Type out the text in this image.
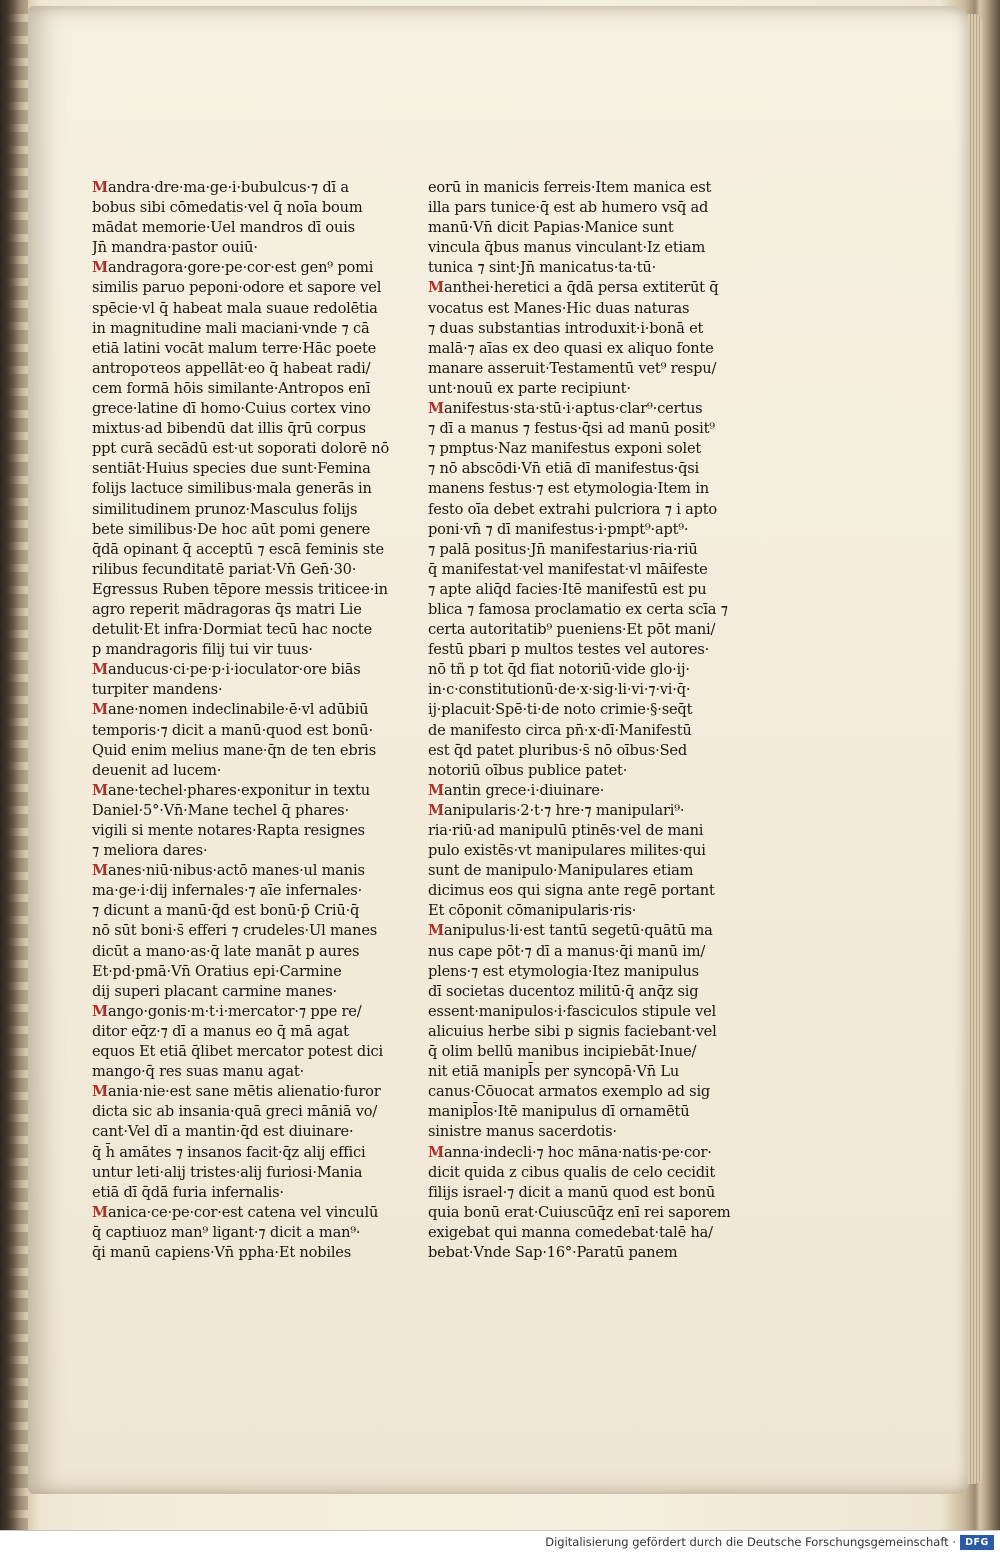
Mandra·dre·ma·ge·i·bubulcus·⁊ dī a
bobus sibi cōmedatis·vel q̄ noīa boum
mādat memorie·Uel mandros dī ouis
Jn̄ mandra·pastor ouiū·
Mandragora·gore·pe·cor·est gen⁹ pomi
similis paruo peponi·odore et sapore vel
spēcie·vl q̄ habeat mala suaue redolētia
in magnitudine mali maciani·vnde ⁊ cā
etiā latini vocāt malum terre·Hāc poete
antropoτeos appellāt·eo q̄ habeat radi/
cem formā hōis similante·Antropos enī
grece·latine dī homo·Cuius cortex vino
mixtus·ad bibendū dat illis q̄rū corpus
ppt curā secādū est·ut soporati dolorē nō
sentiāt·Huius species due sunt·Femina
folijs lactuce similibus·mala generās in
similitudinem prunoz·Masculus folijs
bete similibus·De hoc aūt pomi genere
q̄dā opinant q̄ acceptū ⁊ escā feminis ste
rilibus fecunditatē pariat·Vn̄ Gen̄·30·
Egressus Ruben tēpore messis triticee·in
agro reperit mādragoras q̄s matri Lie
detulit·Et infra·Dormiat tecū hac nocte
p mandragoris filij tui vir tuus·
Manducus·ci·pe·p·i·ioculator·ore biās
turpiter mandens·
Mane·nomen indeclinabile·ē·vl adūbiū
temporis·⁊ dicit a manū·quod est bonū·
Quid enim melius mane·q̄n de ten ebris
deuenit ad lucem·
Mane·techel·phares·exponitur in textu
Daniel·5°·Vn̄·Mane techel q̄ phares·
vigili si mente notares·Rapta resignes
⁊ meliora dares·
Manes·niū·nibus·actō manes·ul manis
ma·ge·i·dij infernales·⁊ aīe infernales·
⁊ dicunt a manū·q̄d est bonū·p̄ Criū·q̄
nō sūt boni·s̄ efferi ⁊ crudeles·Ul manes
dicūt a mano·as·q̄ late manāt p aures
Et·pd·pmā·Vn̄ Oratius epi·Carmine
dij superi placant carmine manes·
Mango·gonis·m·t·i·mercator·⁊ ppe re/
ditor eq̄z·⁊ dī a manus eo q̄ mā agat
equos Et etiā q̄libet mercator potest dici
mango·q̄ res suas manu agat·
Mania·nie·est sane mētis alienatio·furor
dicta sic ab insania·quā greci māniā vo/
cant·Vel dī a mantin·q̄d est diuinare·
q̄ h̄ amātes ⁊ insanos facit·q̄z alij effici
untur leti·alij tristes·alij furiosi·Mania
etiā dī q̄dā furia infernalis·
Manica·ce·pe·cor·est catena vel vinculū
q̄ captiuoz man⁹ ligant·⁊ dicit a man⁹·
q̄i manū capiens·Vn̄ ppha·Et nobiles
eorū in manicis ferreis·Item manica est
illa pars tunice·q̄ est ab humero vsq̄ ad
manū·Vn̄ dicit Papias·Manice sunt
vincula q̄bus manus vinculant·Iz etiam
tunica ⁊ sint·Jn̄ manicatus·ta·tū·
Manthei·heretici a q̄dā persa extiterūt q̄
vocatus est Manes·Hic duas naturas
⁊ duas substantias introduxit·i·bonā et
malā·⁊ aīas ex deo quasi ex aliquo fonte
manare asseruit·Testamentū vet⁹ respu/
unt·nouū ex parte recipiunt·
Manifestus·sta·stū·i·aptus·clar⁹·certus
⁊ dī a manus ⁊ festus·q̄si ad manū posit⁹
⁊ pmptus·Naz manifestus exponi solet
⁊ nō abscōdi·Vn̄ etiā dī manifestus·q̄si
manens festus·⁊ est etymologia·Item in
festo oīa debet extrahi pulcriora ⁊ i apto
poni·vn̄ ⁊ dī manifestus·i·pmpt⁹·apt⁹·
⁊ palā positus·Jn̄ manifestarius·ria·riū
q̄ manifestat·vel manifestat·vl māifeste
⁊ apte aliq̄d facies·Itē manifestū est pu
blica ⁊ famosa proclamatio ex certa scīa ⁊
certa autoritatib⁹ pueniens·Et pōt mani/
festū pbari p multos testes vel autores·
nō tñ p tot q̄d fiat notoriū·vide glo·ij·
in·c·constitutionū·de·x·sig·li·vi·⁊·vi·q̄·
ij·placuit·Spē·ti·de noto crimie·§·seq̄t
de manifesto circa pn̄·x·dī·Manifestū
est q̄d patet pluribus·s̄ nō oībus·Sed
notoriū oībus publice patet·
Mantin grece·i·diuinare·
Manipularis·2·t·⁊ hre·⁊ manipulari⁹·
ria·riū·ad manipulū ptinēs·vel de mani
pulo existēs·vt manipulares milites·qui
sunt de manipulo·Manipulares etiam
dicimus eos qui signa ante regē portant
Et cōponit cōmanipularis·ris·
Manipulus·li·est tantū segetū·quātū ma
nus cape pōt·⁊ dī a manus·q̄i manū im/
plens·⁊ est etymologia·Itez manipulus
dī societas ducentoz militū·q̄ anq̄z sig
essent·manipulos·i·fasciculos stipule vel
alicuius herbe sibi p signis faciebant·vel
q̄ olim bellū manibus incipiebāt·Inue/
nit etiā manipl̄s per syncopā·Vn̄ Lu
canus·Cōuocat armatos exemplo ad sig
manipl̄os·Itē manipulus dī ornamētū
sinistre manus sacerdotis·
Manna·indecli·⁊ hoc māna·natis·pe·cor·
dicit quida z cibus qualis de celo cecidit
filijs israel·⁊ dicit a manū quod est bonū
quia bonū erat·Cuiuscūq̄z enī rei saporem
exigebat qui manna comedebat·talē ha/
bebat·Vnde Sap·16°·Paratū panem
Digitalisierung gefördert durch die Deutsche Forschungsgemeinschaft · DFG
